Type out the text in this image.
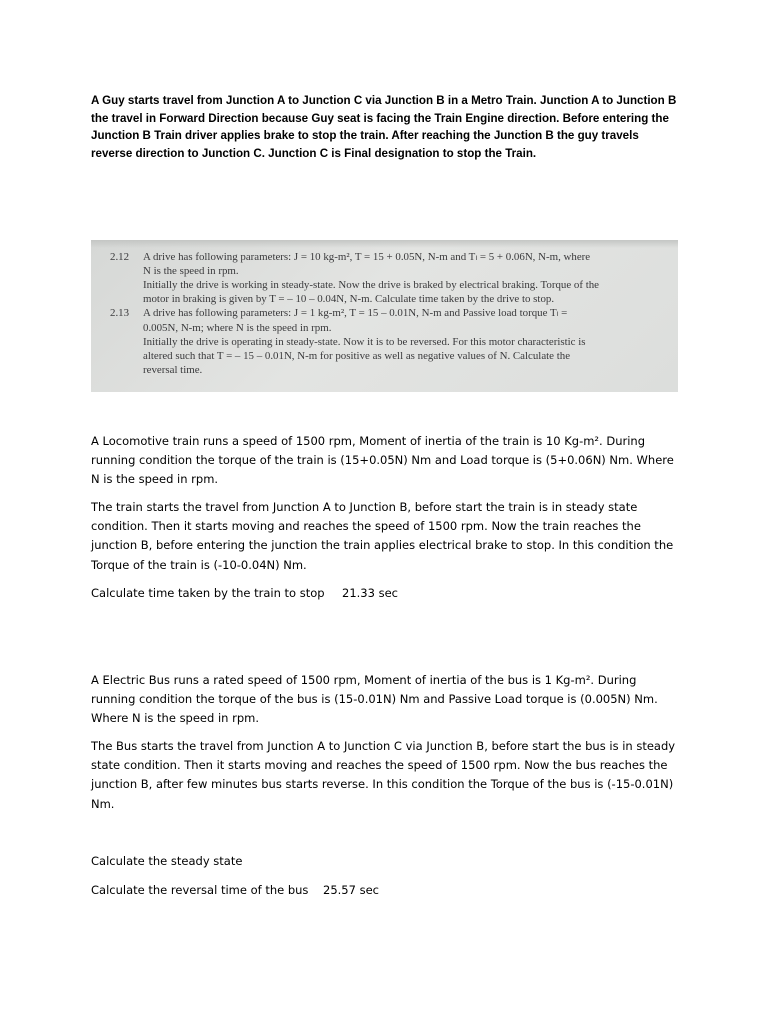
A Guy starts travel from Junction A to Junction C via Junction B in a Metro Train. Junction A to Junction B the travel in Forward Direction because Guy seat is facing the Train Engine direction. Before entering the Junction B Train driver applies brake to stop the train. After reaching the Junction B the guy travels reverse direction to Junction C. Junction C is Final designation to stop the Train.
2.12 A drive has following parameters: J = 10 kg-m², T = 15 + 0.05N, N-m and Tₗ = 5 + 0.06N, N-m, where
N is the speed in rpm.
Initially the drive is working in steady-state. Now the drive is braked by electrical braking. Torque of the
motor in braking is given by T = – 10 – 0.04N, N-m. Calculate time taken by the drive to stop.
2.13 A drive has following parameters: J = 1 kg-m², T = 15 – 0.01N, N-m and Passive load torque Tₗ =
0.005N, N-m; where N is the speed in rpm.
Initially the drive is operating in steady-state. Now it is to be reversed. For this motor characteristic is
altered such that T = – 15 – 0.01N, N-m for positive as well as negative values of N. Calculate the
reversal time.
A Locomotive train runs a speed of 1500 rpm, Moment of inertia of the train is 10 Kg-m². During running condition the torque of the train is (15+0.05N) Nm and Load torque is (5+0.06N) Nm. Where N is the speed in rpm.
The train starts the travel from Junction A to Junction B, before start the train is in steady state condition. Then it starts moving and reaches the speed of 1500 rpm. Now the train reaches the junction B, before entering the junction the train applies electrical brake to stop. In this condition the Torque of the train is (-10-0.04N) Nm.
Calculate time taken by the train to stop	21.33 sec
A Electric Bus runs a rated speed of 1500 rpm, Moment of inertia of the bus is 1 Kg-m². During running condition the torque of the bus is (15-0.01N) Nm and Passive Load torque is (0.005N) Nm. Where N is the speed in rpm.
The Bus starts the travel from Junction A to Junction C via Junction B, before start the bus is in steady state condition. Then it starts moving and reaches the speed of 1500 rpm. Now the bus reaches the junction B, after few minutes bus starts reverse. In this condition the Torque of the bus is (-15-0.01N) Nm.
Calculate the steady state
Calculate the reversal time of the bus	25.57 sec
